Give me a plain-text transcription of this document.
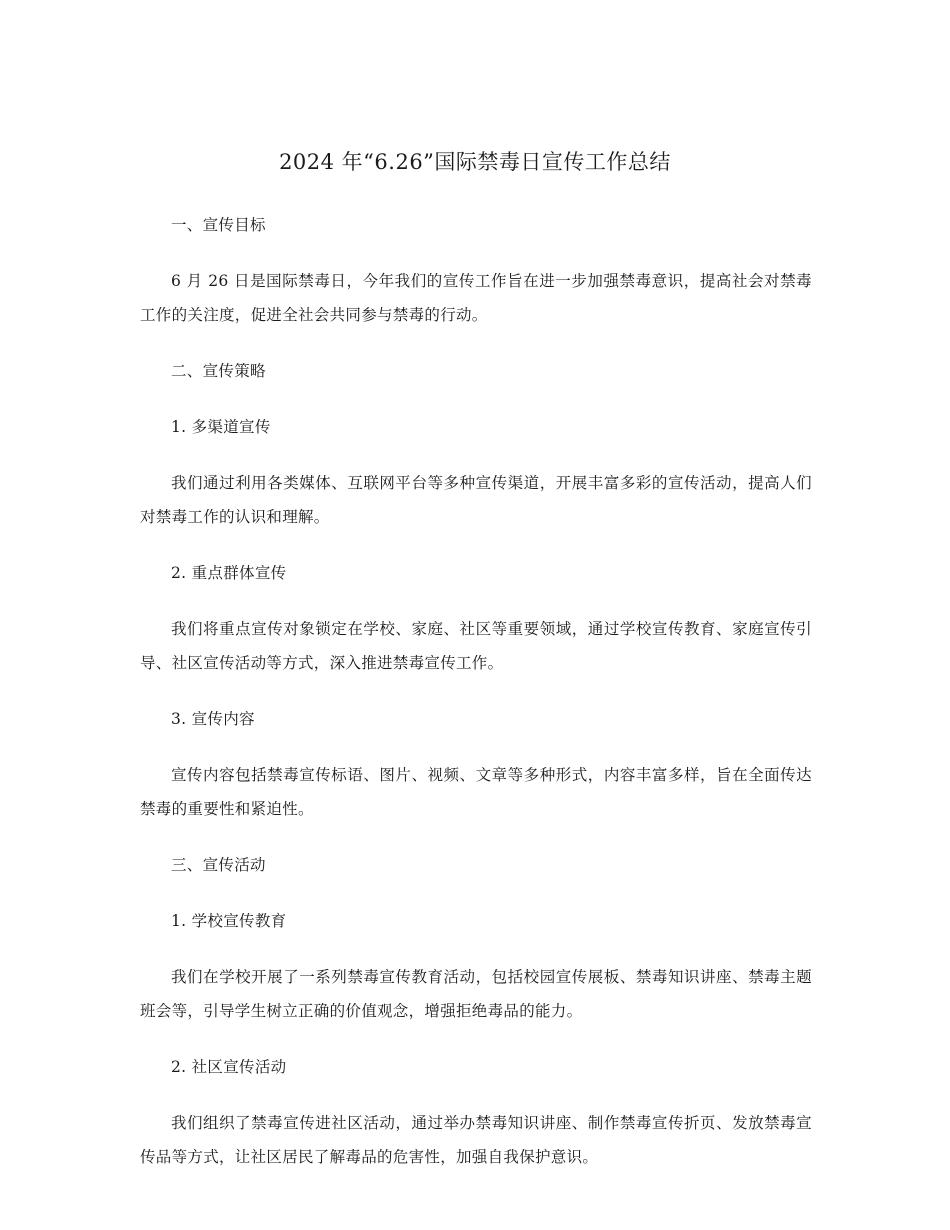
2024 年“6.26”国际禁毒日宣传工作总结

一、宣传目标

6 月 26 日是国际禁毒日，今年我们的宣传工作旨在进一步加强禁毒意识，提高社会对禁毒工作的关注度，促进全社会共同参与禁毒的行动。

二、宣传策略

1. 多渠道宣传

我们通过利用各类媒体、互联网平台等多种宣传渠道，开展丰富多彩的宣传活动，提高人们对禁毒工作的认识和理解。

2. 重点群体宣传

我们将重点宣传对象锁定在学校、家庭、社区等重要领域，通过学校宣传教育、家庭宣传引导、社区宣传活动等方式，深入推进禁毒宣传工作。

3. 宣传内容

宣传内容包括禁毒宣传标语、图片、视频、文章等多种形式，内容丰富多样，旨在全面传达禁毒的重要性和紧迫性。

三、宣传活动

1. 学校宣传教育

我们在学校开展了一系列禁毒宣传教育活动，包括校园宣传展板、禁毒知识讲座、禁毒主题班会等，引导学生树立正确的价值观念，增强拒绝毒品的能力。

2. 社区宣传活动

我们组织了禁毒宣传进社区活动，通过举办禁毒知识讲座、制作禁毒宣传折页、发放禁毒宣传品等方式，让社区居民了解毒品的危害性，加强自我保护意识。
